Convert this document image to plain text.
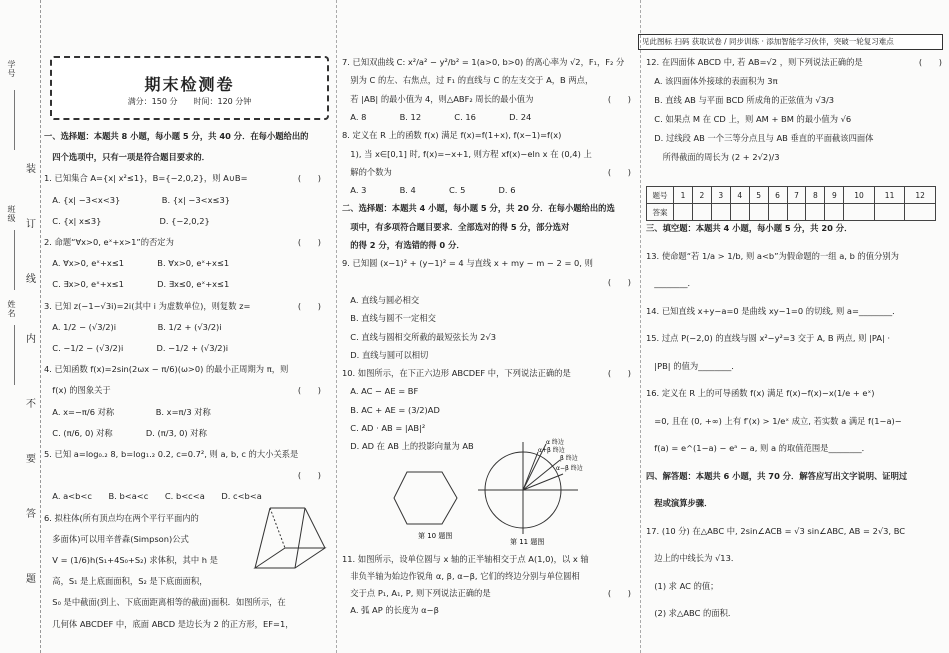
学号
班级
姓名
装
订
线
内
不
要
答
题
期末检测卷
满分：150 分　　时间：120 分钟
见此图标 扫码 获取试卷 / 同步训练 · 添加智能学习伙伴，突破一轮复习难点
一、选择题：本题共 8 小题，每小题 5 分，共 40 分．在每小题给出的
　四个选项中，只有一项是符合题目要求的．
1. 已知集合 A={x| x²≤1}，B={−2,0,2}，则 A∪B=	(　　)
　A. {x| −3<x<3}　　　　　B. {x| −3<x≤3}
　C. {x| x≤3}　　　　　　　D. {−2,0,2}
2. 命题“∀x>0, eˣ+x>1”的否定为	(　　)
　A. ∀x>0, eˣ+x≤1　　　　B. ∀x>0, eˣ+x≤1
　C. ∃x>0, eˣ+x≤1　　　　D. ∃x≤0, eˣ+x≤1
3. 已知 z(−1−√3i)=2i(其中 i 为虚数单位)，则复数 z=	(　　)
　A. 1/2 − (√3/2)i　　　　　B. 1/2 + (√3/2)i
　C. −1/2 − (√3/2)i　　　　D. −1/2 + (√3/2)i
4. 已知函数 f(x)=2sin(2ωx − π/6)(ω>0) 的最小正周期为 π，则
　f(x) 的图象关于	(　　)
　A. x=−π/6 对称　　　　　B. x=π/3 对称
　C. (π/6, 0) 对称　　　　D. (π/3, 0) 对称
5. 已知 a=log₀.₂ 8, b=log₁.₂ 0.2, c=0.7², 则 a, b, c 的大小关系是
(　　)
　A. a<b<c　　B. b<a<c　　C. b<c<a　　D. c<b<a
6. 拟柱体(所有顶点均在两个平行平面内的
　多面体)可以用辛普森(Simpson)公式
　V = (1/6)h(S₁+4S₀+S₂) 求体积，其中 h 是
　高，S₁ 是上底面面积，S₂ 是下底面面积，
　S₀ 是中截面(到上、下底面距离相等的截面)面积．如图所示，在
　几何体 ABCDEF 中，底面 ABCD 是边长为 2 的正方形，EF=1，
7. 已知双曲线 C: x²/a² − y²/b² = 1(a>0, b>0) 的离心率为 √2，F₁，F₂ 分
　别为 C 的左、右焦点，过 F₁ 的直线与 C 的左支交于 A，B 两点，
　若 |AB| 的最小值为 4，则△ABF₂ 周长的最小值为	(　　)
　A. 8　　　　B. 12　　　　C. 16　　　　D. 24
8. 定义在 R 上的函数 f(x) 满足 f(x)=f(1+x), f(x−1)=f(x)
　1), 当 x∈[0,1] 时, f(x)=−x+1, 则方程 xf(x)−eln x 在 (0,4) 上
　解的个数为	(　　)
　A. 3　　　　B. 4　　　　C. 5　　　　D. 6
二、选择题：本题共 4 小题，每小题 5 分，共 20 分．在每小题给出的选
　项中，有多项符合题目要求．全部选对的得 5 分，部分选对
　的得 2 分，有选错的得 0 分．
9. 已知圆 (x−1)² + (y−1)² = 4 与直线 x + my − m − 2 = 0, 则
(　　)
　A. 直线与圆必相交
　B. 直线与圆不一定相交
　C. 直线与圆相交所截的最短弦长为 2√3
　D. 直线与圆可以相切
10. 如图所示，在下正六边形 ABCDEF 中，下列说法正确的是	(　　)
　A. AC − AE = BF
　B. AC + AE = (3/2)AD
　C. AD · AB = |AB|²
　D. AD 在 AB 上的投影向量为 AB
11. 如图所示，设单位圆与 x 轴的正半轴相交于点 A(1,0)，以 x 轴
　非负半轴为始边作锐角 α, β, α−β, 它们的终边分别与单位圆相
　交于点 P₁, A₁, P, 则下列说法正确的是	(　　)
　A. 弧 AP 的长度为 α−β
12. 在四面体 ABCD 中, 若 AB=√2 ，则下列说法正确的是	(　　)
　A. 该四面体外接球的表面积为 3π
　B. 直线 AB 与平面 BCD 所成角的正弦值为 √3/3
　C. 如果点 M 在 CD 上，则 AM + BM 的最小值为 √6
　D. 过线段 AB 一个三等分点且与 AB 垂直的平面截该四面体
　　所得截面的周长为 (2 + 2√2)/3
三、填空题：本题共 4 小题，每小题 5 分，共 20 分．
13. 使命题“若 1/a > 1/b, 则 a<b”为假命题的一组 a, b 的值分别为
　________．
14. 已知直线 x+y−a=0 是曲线 xy−1=0 的切线, 则 a=________．
15. 过点 P(−2,0) 的直线与圆 x²−y²=3 交于 A, B 两点, 则 |PA| ·
　|PB| 的值为________．
16. 定义在 R 上的可导函数 f(x) 满足 f(x)−f(x)−x(1/e + eˣ)
　=0, 且在 (0, +∞) 上有 f′(x) > 1/eˣ 成立, 若实数 a 满足 f(1−a)−
　f(a) = e^(1−a) − eᵃ − a, 则 a 的取值范围是________．
四、解答题：本题共 6 小题，共 70 分．解答应写出文字说明、证明过
　程或演算步骤．
17. (10 分) 在△ABC 中, 2sin∠ACB = √3 sin∠ABC, AB = 2√3, BC
　边上的中线长为 √13．
　(1) 求 AC 的值；
　(2) 求△ABC 的面积．
第 10 题图
α 终边
β 终边
α−β 终边
α+β 终边
第 11 题图
题号	1	2	3	4	5	6	7	8	9	10	11	12
答案												
